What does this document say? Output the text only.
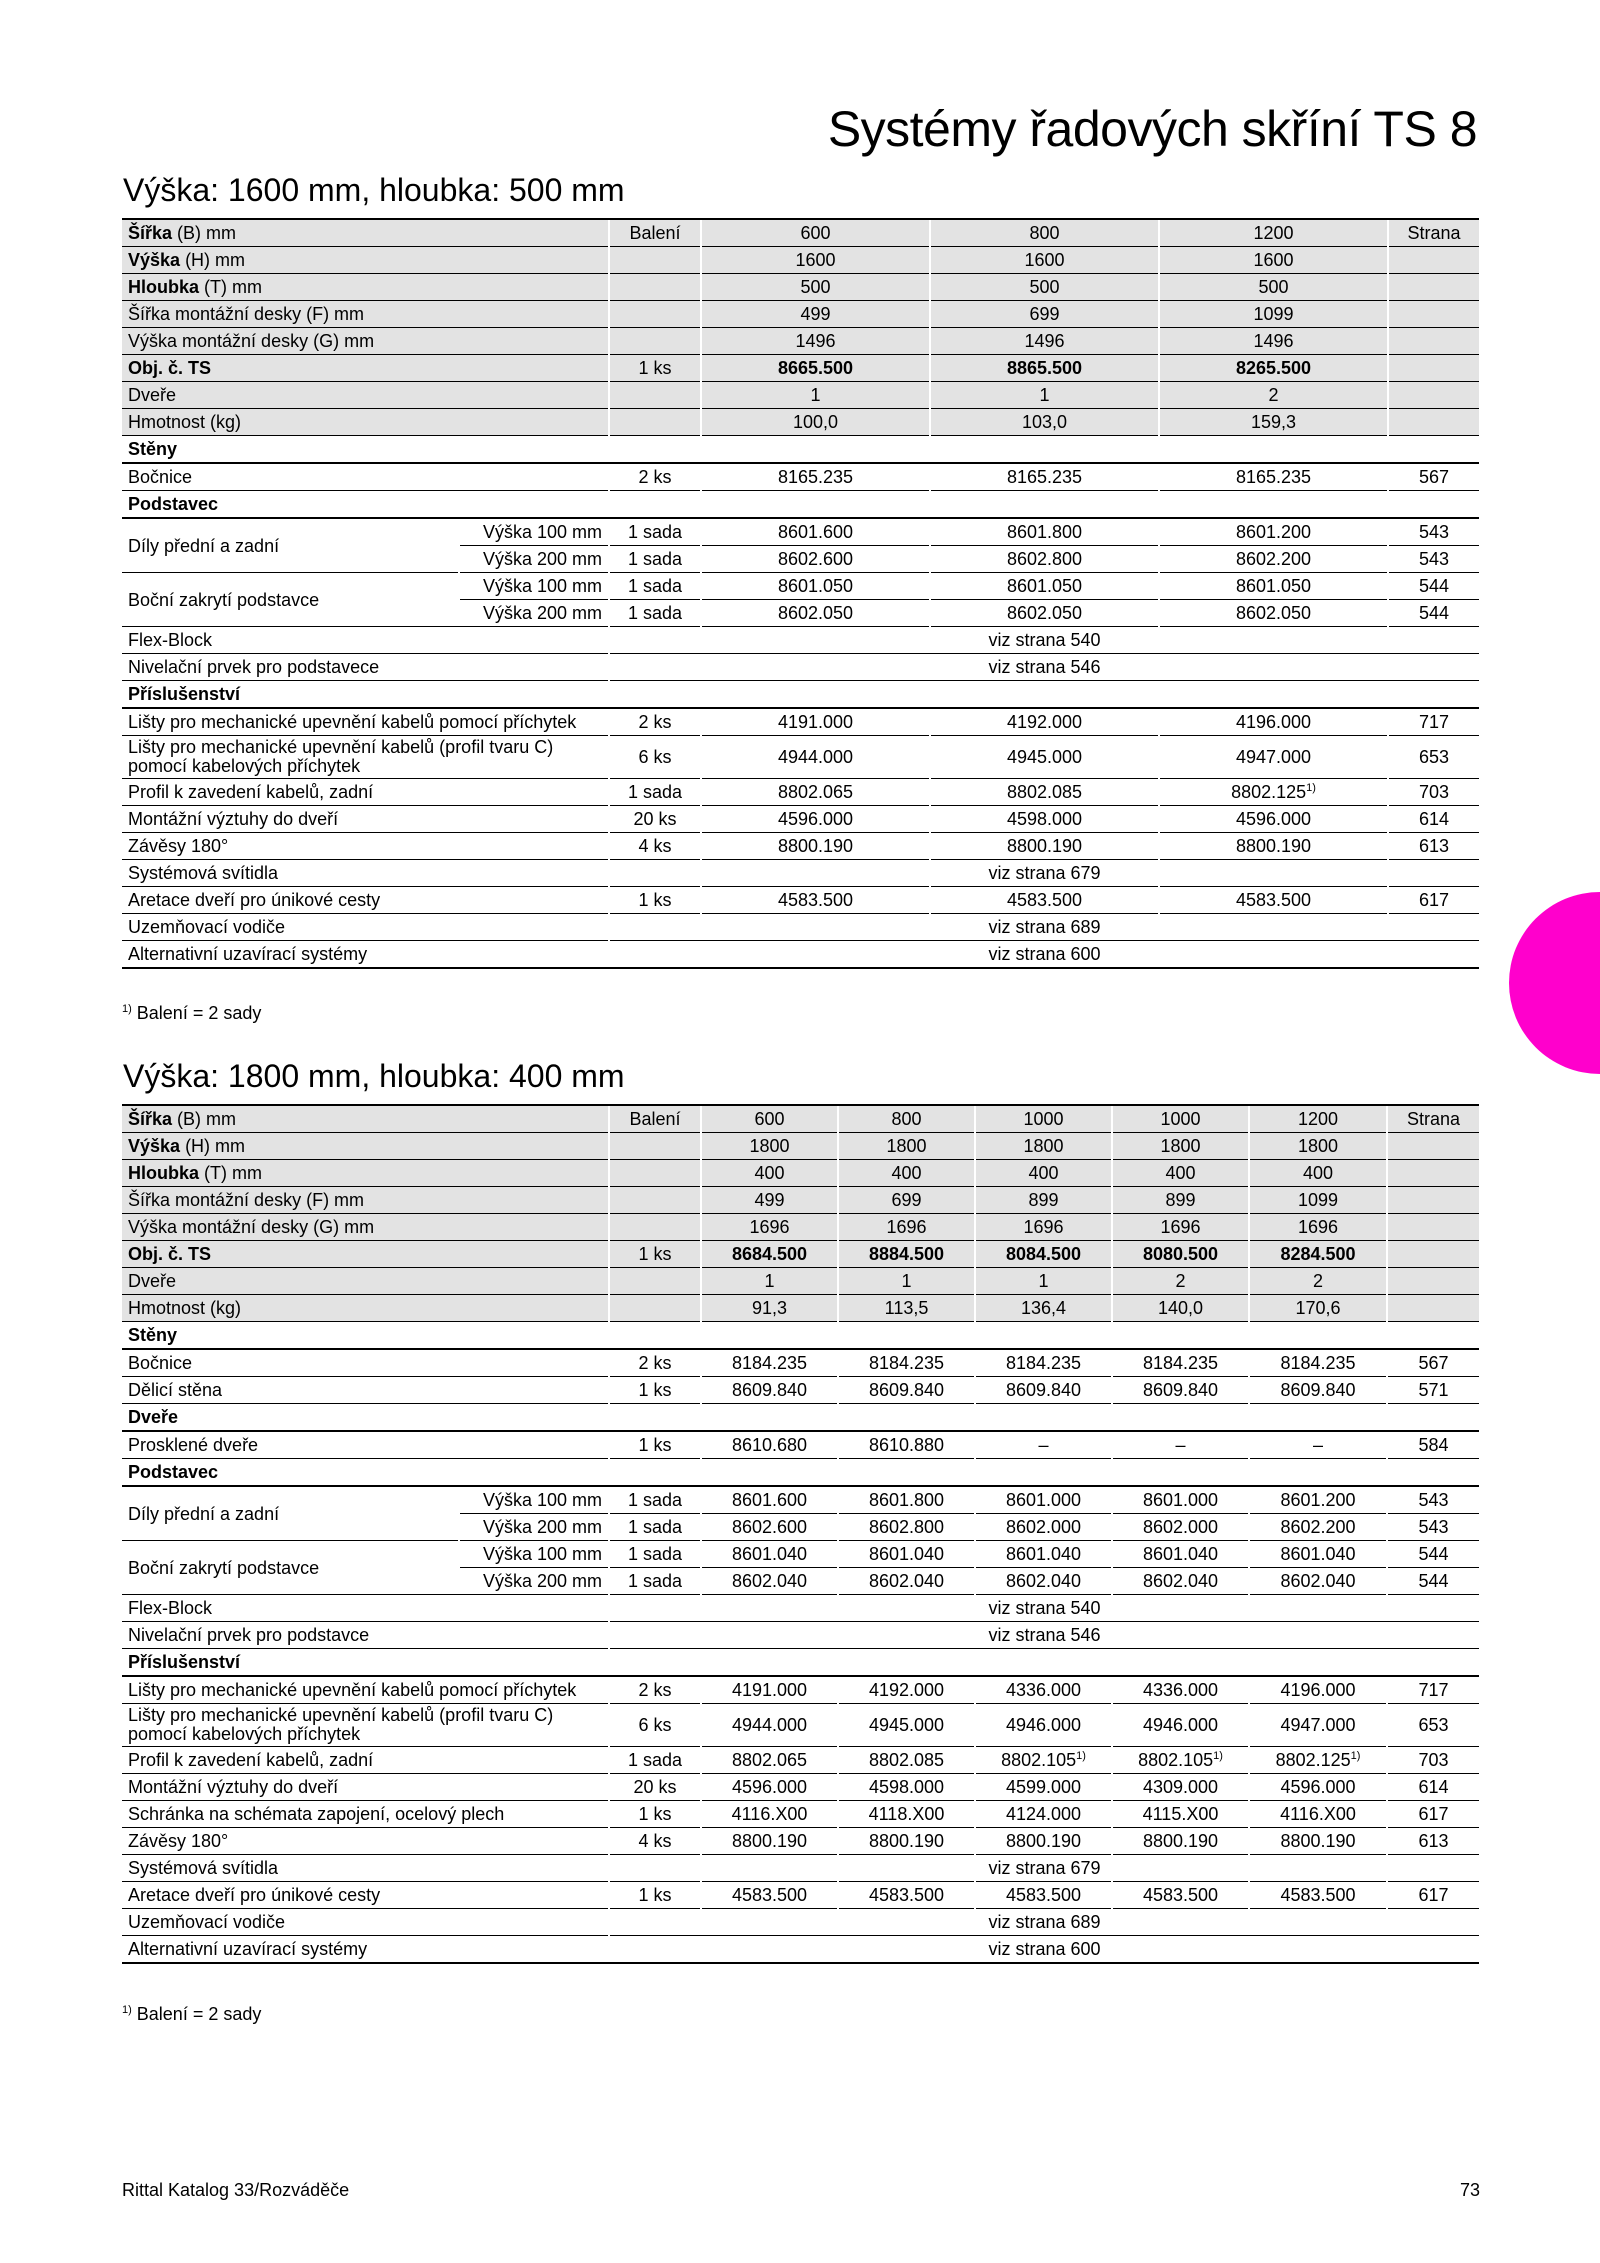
Systémy řadových skříní TS 8
Výška: 1600 mm, hloubka: 500 mm
Šířka (B) mm		Balení	600	800	1200	Strana
Výška (H) mm			1600	1600	1600	
Hloubka (T) mm			500	500	500	
Šířka montážní desky (F) mm			499	699	1099	
Výška montážní desky (G) mm			1496	1496	1496	
Obj. č. TS		1 ks	8665.500	8865.500	8265.500	
Dveře			1	1	2	
Hmotnost (kg)			100,0	103,0	159,3	
Stěny						
Bočnice		2 ks	8165.235	8165.235	8165.235	567
Podstavec						
Díly přední a zadní	Výška 100 mm	1 sada	8601.600	8601.800	8601.200	543
	Výška 200 mm	1 sada	8602.600	8602.800	8602.200	543
Boční zakrytí podstavce	Výška 100 mm	1 sada	8601.050	8601.050	8601.050	544
	Výška 200 mm	1 sada	8602.050	8602.050	8602.050	544
Flex-Block		viz strana 540				
Nivelační prvek pro podstavece		viz strana 546				
Příslušenství						
Lišty pro mechanické upevnění kabelů pomocí příchytek		2 ks	4191.000	4192.000	4196.000	717
Lišty pro mechanické upevnění kabelů (profil tvaru C) pomocí kabelových příchytek		6 ks	4944.000	4945.000	4947.000	653
Profil k zavedení kabelů, zadní		1 sada	8802.065	8802.085	8802.125$^{1)}$	703
Montážní výztuhy do dveří		20 ks	4596.000	4598.000	4596.000	614
Závěsy 180°		4 ks	8800.190	8800.190	8800.190	613
Systémová svítidla		viz strana 679				
Aretace dveří pro únikové cesty		1 ks	4583.500	4583.500	4583.500	617
Uzemňovací vodiče		viz strana 689				
Alternativní uzavírací systémy		viz strana 600				
$^{1)}$ Balení = 2 sady
Výška: 1800 mm, hloubka: 400 mm
Šířka (B) mm		Balení	600	800	1000	1000	1200	Strana
Výška (H) mm			1800	1800	1800	1800	1800	
Hloubka (T) mm			400	400	400	400	400	
Šířka montážní desky (F) mm			499	699	899	899	1099	
Výška montážní desky (G) mm			1696	1696	1696	1696	1696	
Obj. č. TS		1 ks	8684.500	8884.500	8084.500	8080.500	8284.500	
Dveře			1	1	1	2	2	
Hmotnost (kg)			91,3	113,5	136,4	140,0	170,6	
Stěny								
Bočnice		2 ks	8184.235	8184.235	8184.235	8184.235	8184.235	567
Dělicí stěna		1 ks	8609.840	8609.840	8609.840	8609.840	8609.840	571
Dveře								
Prosklené dveře		1 ks	8610.680	8610.880	–	–	–	584
Podstavec								
Díly přední a zadní	Výška 100 mm	1 sada	8601.600	8601.800	8601.000	8601.000	8601.200	543
	Výška 200 mm	1 sada	8602.600	8602.800	8602.000	8602.000	8602.200	543
Boční zakrytí podstavce	Výška 100 mm	1 sada	8601.040	8601.040	8601.040	8601.040	8601.040	544
	Výška 200 mm	1 sada	8602.040	8602.040	8602.040	8602.040	8602.040	544
Flex-Block		viz strana 540						
Nivelační prvek pro podstavce		viz strana 546						
Příslušenství								
Lišty pro mechanické upevnění kabelů pomocí příchytek		2 ks	4191.000	4192.000	4336.000	4336.000	4196.000	717
Lišty pro mechanické upevnění kabelů (profil tvaru C) pomocí kabelových příchytek		6 ks	4944.000	4945.000	4946.000	4946.000	4947.000	653
Profil k zavedení kabelů, zadní		1 sada	8802.065	8802.085	8802.105$^{1)}$	8802.105$^{1)}$	8802.125$^{1)}$	703
Montážní výztuhy do dveří		20 ks	4596.000	4598.000	4599.000	4309.000	4596.000	614
Schránka na schémata zapojení, ocelový plech		1 ks	4116.X00	4118.X00	4124.000	4115.X00	4116.X00	617
Závěsy 180°		4 ks	8800.190	8800.190	8800.190	8800.190	8800.190	613
Systémová svítidla		viz strana 679						
Aretace dveří pro únikové cesty		1 ks	4583.500	4583.500	4583.500	4583.500	4583.500	617
Uzemňovací vodiče		viz strana 689						
Alternativní uzavírací systémy		viz strana 600						
$^{1)}$ Balení = 2 sady
Rittal Katalog 33/Rozváděče	73
